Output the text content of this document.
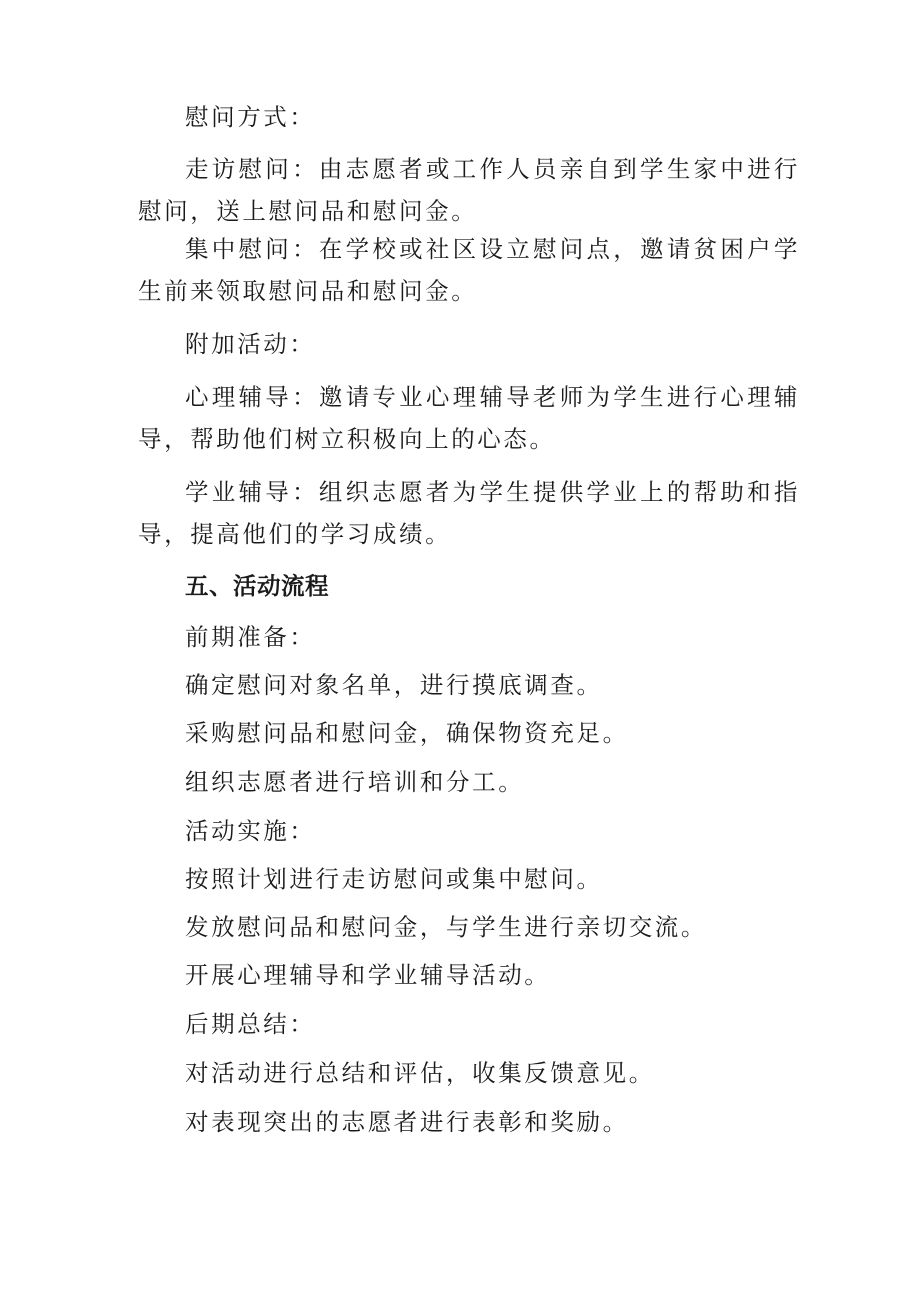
慰问方式：
走访慰问：由志愿者或工作人员亲自到学生家中进行慰问，送上慰问品和慰问金。
集中慰问：在学校或社区设立慰问点，邀请贫困户学生前来领取慰问品和慰问金。
附加活动：
心理辅导：邀请专业心理辅导老师为学生进行心理辅导，帮助他们树立积极向上的心态。
学业辅导：组织志愿者为学生提供学业上的帮助和指导，提高他们的学习成绩。
五、活动流程
前期准备：
确定慰问对象名单，进行摸底调查。
采购慰问品和慰问金，确保物资充足。
组织志愿者进行培训和分工。
活动实施：
按照计划进行走访慰问或集中慰问。
发放慰问品和慰问金，与学生进行亲切交流。
开展心理辅导和学业辅导活动。
后期总结：
对活动进行总结和评估，收集反馈意见。
对表现突出的志愿者进行表彰和奖励。
